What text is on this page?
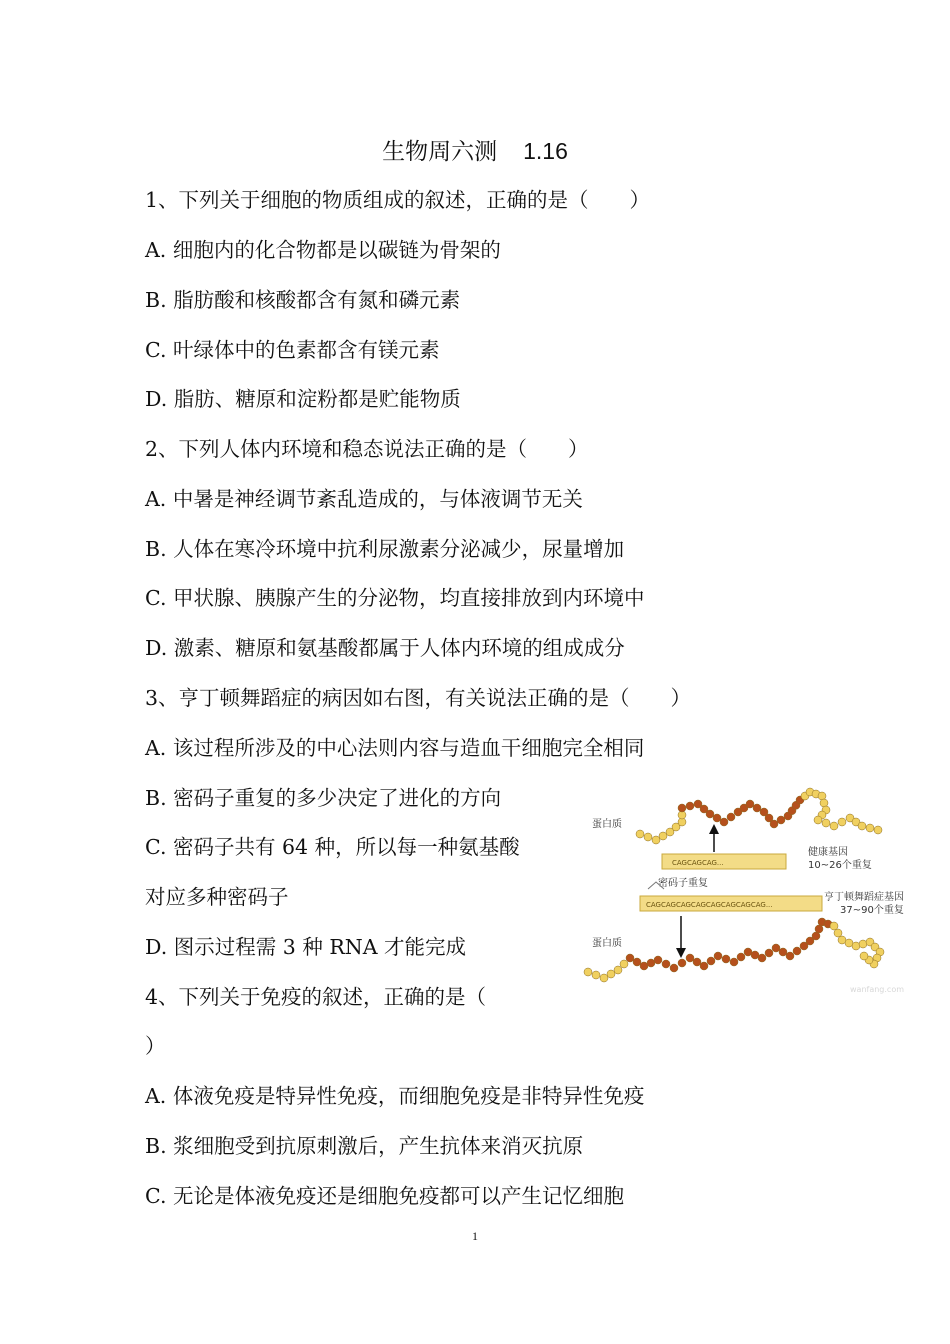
生物周六测 1.16
1、下列关于细胞的物质组成的叙述，正确的是（　　）
A. 细胞内的化合物都是以碳链为骨架的
B. 脂肪酸和核酸都含有氮和磷元素
C. 叶绿体中的色素都含有镁元素
D. 脂肪、糖原和淀粉都是贮能物质
2、下列人体内环境和稳态说法正确的是（　　）
A. 中暑是神经调节紊乱造成的，与体液调节无关
B. 人体在寒冷环境中抗利尿激素分泌减少，尿量增加
C. 甲状腺、胰腺产生的分泌物，均直接排放到内环境中
D. 激素、糖原和氨基酸都属于人体内环境的组成成分
3、亨丁顿舞蹈症的病因如右图，有关说法正确的是（　　）
A. 该过程所涉及的中心法则内容与造血干细胞完全相同
B. 密码子重复的多少决定了进化的方向
C. 密码子共有 64 种，所以每一种氨基酸
对应多种密码子
D. 图示过程需 3 种 RNA 才能完成
4、下列关于免疫的叙述，正确的是（
）
A. 体液免疫是特异性免疫，而细胞免疫是非特异性免疫
B. 浆细胞受到抗原刺激后，产生抗体来消灭抗原
C. 无论是体液免疫还是细胞免疫都可以产生记忆细胞
蛋白质
蛋白质
CAGCAGCAG...
健康基因
10~26个重复
密码子重复
CAGCAGCAGCAGCAGCAGCAGCAG...
亨丁顿舞蹈症基因
37~90个重复
wanfang.com
1
